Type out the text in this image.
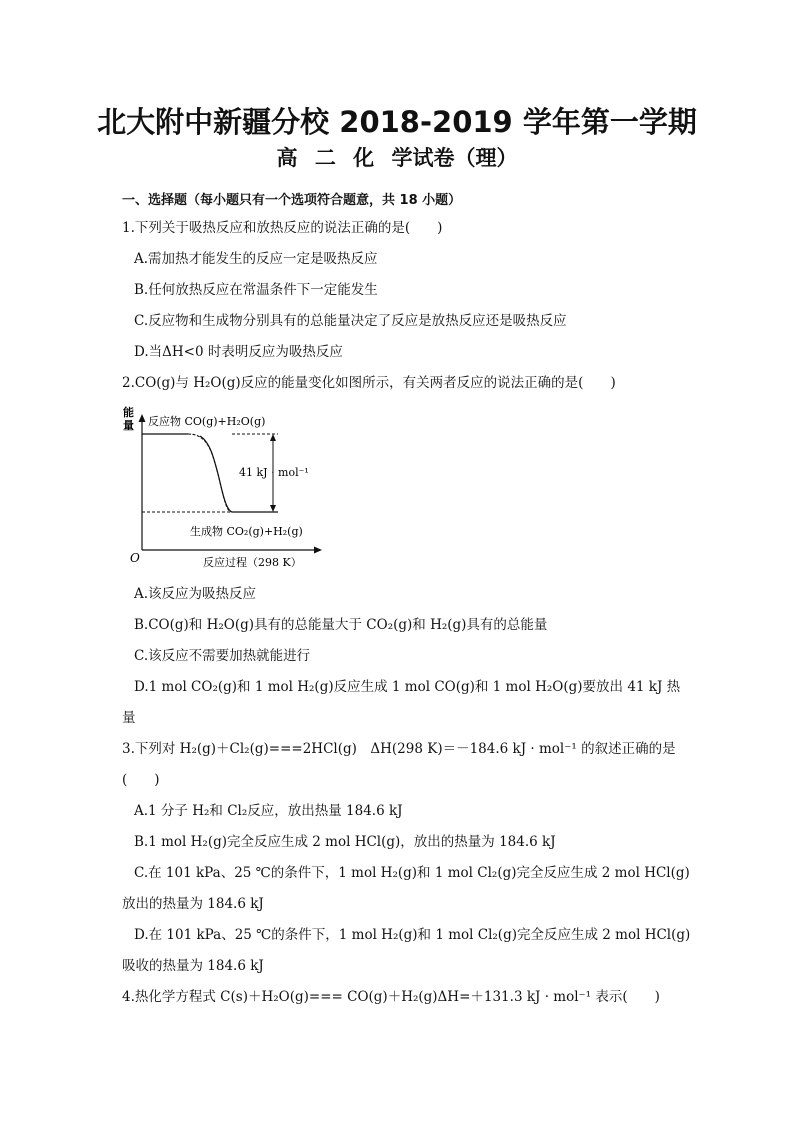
北大附中新疆分校 2018-2019 学年第一学期
高 二 化 学试卷（理）
一、选择题（每小题只有一个选项符合题意，共 18 小题）
1.下列关于吸热反应和放热反应的说法正确的是(　　)
A.需加热才能发生的反应一定是吸热反应
B.任何放热反应在常温条件下一定能发生
C.反应物和生成物分别具有的总能量决定了反应是放热反应还是吸热反应
D.当ΔH<0 时表明反应为吸热反应
2.CO(g)与 H₂O(g)反应的能量变化如图所示，有关两者反应的说法正确的是(　　)
能 量
O
反应物 CO(g)+H₂O(g)
41 kJ · mol⁻¹
生成物 CO₂(g)+H₂(g)
反应过程（298 K）
A.该反应为吸热反应
B.CO(g)和 H₂O(g)具有的总能量大于 CO₂(g)和 H₂(g)具有的总能量
C.该反应不需要加热就能进行
D.1 mol CO₂(g)和 1 mol H₂(g)反应生成 1 mol CO(g)和 1 mol H₂O(g)要放出 41 kJ 热
量
3.下列对 H₂(g)＋Cl₂(g)===2HCl(g)　ΔH(298 K)＝－184.6 kJ · mol⁻¹ 的叙述正确的是
(　　)
A.1 分子 H₂和 Cl₂反应，放出热量 184.6 kJ
B.1 mol H₂(g)完全反应生成 2 mol HCl(g)，放出的热量为 184.6 kJ
C.在 101 kPa、25 ℃的条件下，1 mol H₂(g)和 1 mol Cl₂(g)完全反应生成 2 mol HCl(g)
放出的热量为 184.6 kJ
D.在 101 kPa、25 ℃的条件下，1 mol H₂(g)和 1 mol Cl₂(g)完全反应生成 2 mol HCl(g)
吸收的热量为 184.6 kJ
4.热化学方程式 C(s)＋H₂O(g)=== CO(g)＋H₂(g)ΔH=＋131.3 kJ · mol⁻¹ 表示(　　)
